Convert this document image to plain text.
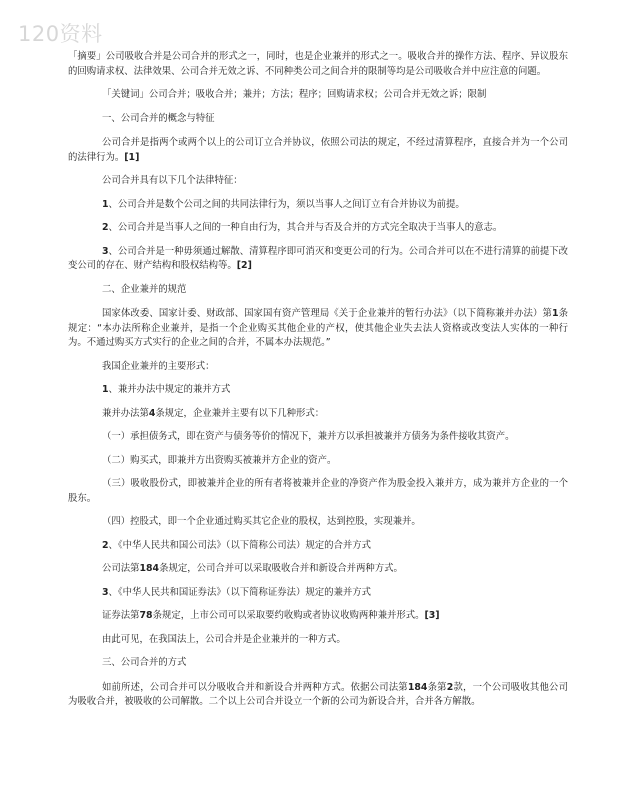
120资料

「摘要」公司吸收合并是公司合并的形式之一，同时，也是企业兼并的形式之一。吸收合并的操作方法、程序、异议股东的回购请求权、法律效果、公司合并无效之诉、不同种类公司之间合并的限制等均是公司吸收合并中应注意的问题。

「关键词」公司合并；吸收合并；兼并；方法；程序；回购请求权；公司合并无效之诉；限制

一、公司合并的概念与特征

公司合并是指两个或两个以上的公司订立合并协议，依照公司法的规定，不经过清算程序，直接合并为一个公司的法律行为。[1]

公司合并具有以下几个法律特征：

1、公司合并是数个公司之间的共同法律行为，须以当事人之间订立有合并协议为前提。

2、公司合并是当事人之间的一种自由行为，其合并与否及合并的方式完全取决于当事人的意志。

3、公司合并是一种毋须通过解散、清算程序即可消灭和变更公司的行为。公司合并可以在不进行清算的前提下改变公司的存在、财产结构和股权结构等。[2]

二、企业兼并的规范

国家体改委、国家计委、财政部、国家国有资产管理局《关于企业兼并的暂行办法》（以下简称兼并办法）第1条规定：“本办法所称企业兼并，是指一个企业购买其他企业的产权，使其他企业失去法人资格或改变法人实体的一种行为。不通过购买方式实行的企业之间的合并，不属本办法规范。”

我国企业兼并的主要形式：

1、兼并办法中规定的兼并方式

兼并办法第4条规定，企业兼并主要有以下几种形式：

（一）承担债务式，即在资产与债务等价的情况下，兼并方以承担被兼并方债务为条件接收其资产。

（二）购买式，即兼并方出资购买被兼并方企业的资产。

（三）吸收股份式，即被兼并企业的所有者将被兼并企业的净资产作为股金投入兼并方，成为兼并方企业的一个股东。

（四）控股式，即一个企业通过购买其它企业的股权，达到控股，实现兼并。

2、《中华人民共和国公司法》（以下简称公司法）规定的合并方式

公司法第184条规定，公司合并可以采取吸收合并和新设合并两种方式。

3、《中华人民共和国证券法》（以下简称证券法）规定的兼并方式

证券法第78条规定，上市公司可以采取要约收购或者协议收购两种兼并形式。[3]

由此可见，在我国法上，公司合并是企业兼并的一种方式。

三、公司合并的方式

如前所述，公司合并可以分吸收合并和新设合并两种方式。依据公司法第184条第2款，一个公司吸收其他公司为吸收合并，被吸收的公司解散。二个以上公司合并设立一个新的公司为新设合并，合并各方解散。
